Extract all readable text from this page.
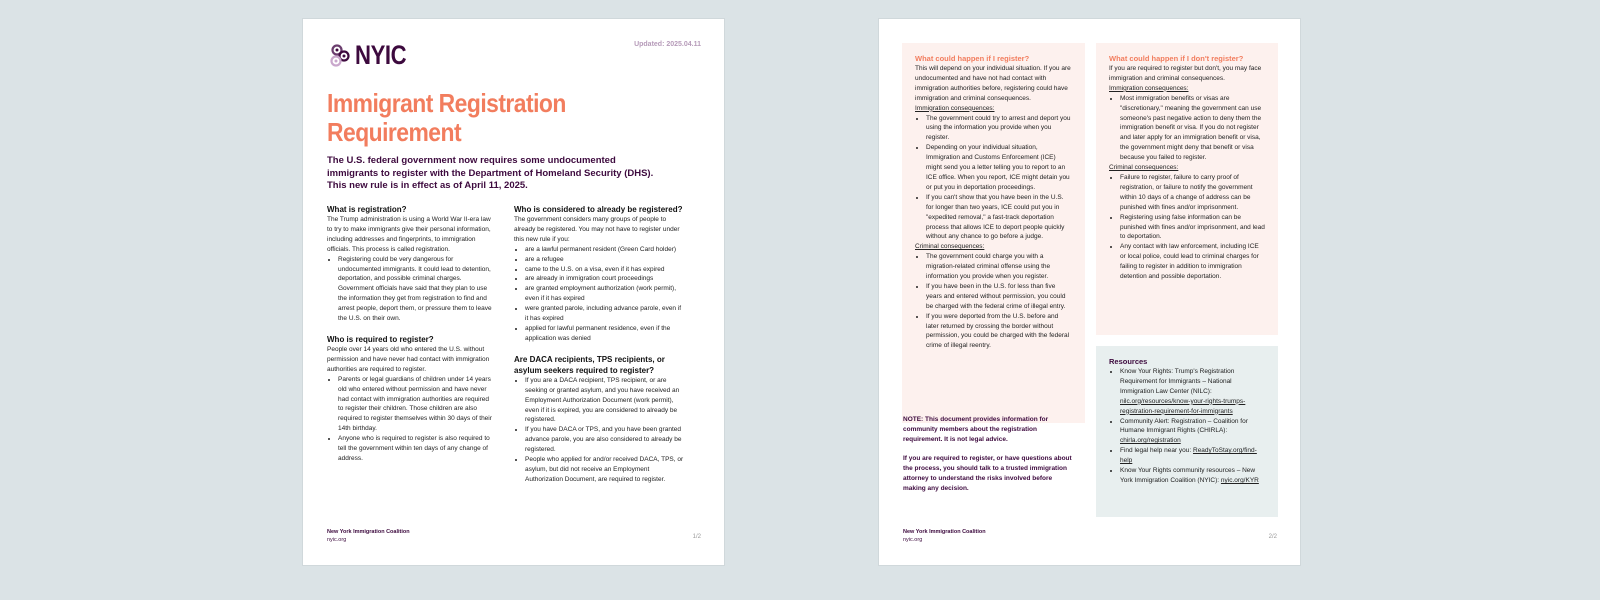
NYIC	Updated: 2025.04.11
Immigrant Registration
Requirement
The U.S. federal government now requires some undocumented immigrants to register with the Department of Homeland Security (DHS). This new rule is in effect as of April 11, 2025.
What is registration?

The Trump administration is using a World War II-era law to try to make immigrants give their personal information, including addresses and fingerprints, to immigration officials. This process is called registration.

• Registering could be very dangerous for undocumented immigrants. It could lead to detention, deportation, and possible criminal charges. Government officials have said that they plan to use the information they get from registration to find and arrest people, deport them, or pressure them to leave the U.S. on their own.
Who is required to register?

People over 14 years old who entered the U.S. without permission and have never had contact with immigration authorities are required to register.

• Parents or legal guardians of children under 14 years old who entered without permission and have never had contact with immigration authorities are required to register their children. Those children are also required to register themselves within 30 days of their 14th birthday.
• Anyone who is required to register is also required to tell the government within ten days of any change of address.
Who is considered to already be registered?

The government considers many groups of people to already be registered. You may not have to register under this new rule if you:

• are a lawful permanent resident (Green Card holder)
• are a refugee
• came to the U.S. on a visa, even if it has expired
• are already in immigration court proceedings
• are granted employment authorization (work permit), even if it has expired
• were granted parole, including advance parole, even if it has expired
• applied for lawful permanent residence, even if the application was denied
Are DACA recipients, TPS recipients, or asylum seekers required to register?
• If you are a DACA recipient, TPS recipient, or are seeking or granted asylum, and you have received an Employment Authorization Document (work permit), even if it is expired, you are considered to already be registered.
• If you have DACA or TPS, and you have been granted advance parole, you are also considered to already be registered.
• People who applied for and/or received DACA, TPS, or asylum, but did not receive an Employment Authorization Document, are required to register.
New York Immigration Coalition
nyic.org	1/2
What could happen if I register?

This will depend on your individual situation. If you are undocumented and have not had contact with immigration authorities before, registering could have immigration and criminal consequences.

Immigration consequences:

• The government could try to arrest and deport you using the information you provide when you register.
• Depending on your individual situation, Immigration and Customs Enforcement (ICE) might send you a letter telling you to report to an ICE office. When you report, ICE might detain you or put you in deportation proceedings.
• If you can't show that you have been in the U.S. for longer than two years, ICE could put you in "expedited removal," a fast-track deportation process that allows ICE to deport people quickly without any chance to go before a judge.

Criminal consequences:

• The government could charge you with a migration-related criminal offense using the information you provide when you register.
• If you have been in the U.S. for less than five years and entered without permission, you could be charged with the federal crime of illegal entry.
• If you were deported from the U.S. before and later returned by crossing the border without permission, you could be charged with the federal crime of illegal reentry.
What could happen if I don't register?

If you are required to register but don't, you may face immigration and criminal consequences.

Immigration consequences:

• Most immigration benefits or visas are "discretionary," meaning the government can use someone's past negative action to deny them the immigration benefit or visa. If you do not register and later apply for an immigration benefit or visa, the government might deny that benefit or visa because you failed to register.

Criminal consequences:

• Failure to register, failure to carry proof of registration, or failure to notify the government within 10 days of a change of address can be punished with fines and/or imprisonment.
• Registering using false information can be punished with fines and/or imprisonment, and lead to deportation.
• Any contact with law enforcement, including ICE or local police, could lead to criminal charges for failing to register in addition to immigration detention and possible deportation.
Resources
• Know Your Rights: Trump's Registration Requirement for Immigrants – National Immigration Law Center (NILC): nilc.org/resources/know-your-rights-trumps-registration-requirement-for-immigrants
• Community Alert: Registration – Coalition for Humane Immigrant Rights (CHIRLA): chirla.org/registration
• Find legal help near you: ReadyToStay.org/find-help
• Know Your Rights community resources – New York Immigration Coalition (NYIC): nyic.org/KYR
NOTE: This document provides information for community members about the registration requirement. It is not legal advice.
If you are required to register, or have questions about the process, you should talk to a trusted immigration attorney to understand the risks involved before making any decision.
New York Immigration Coalition
nyic.org	2/2
